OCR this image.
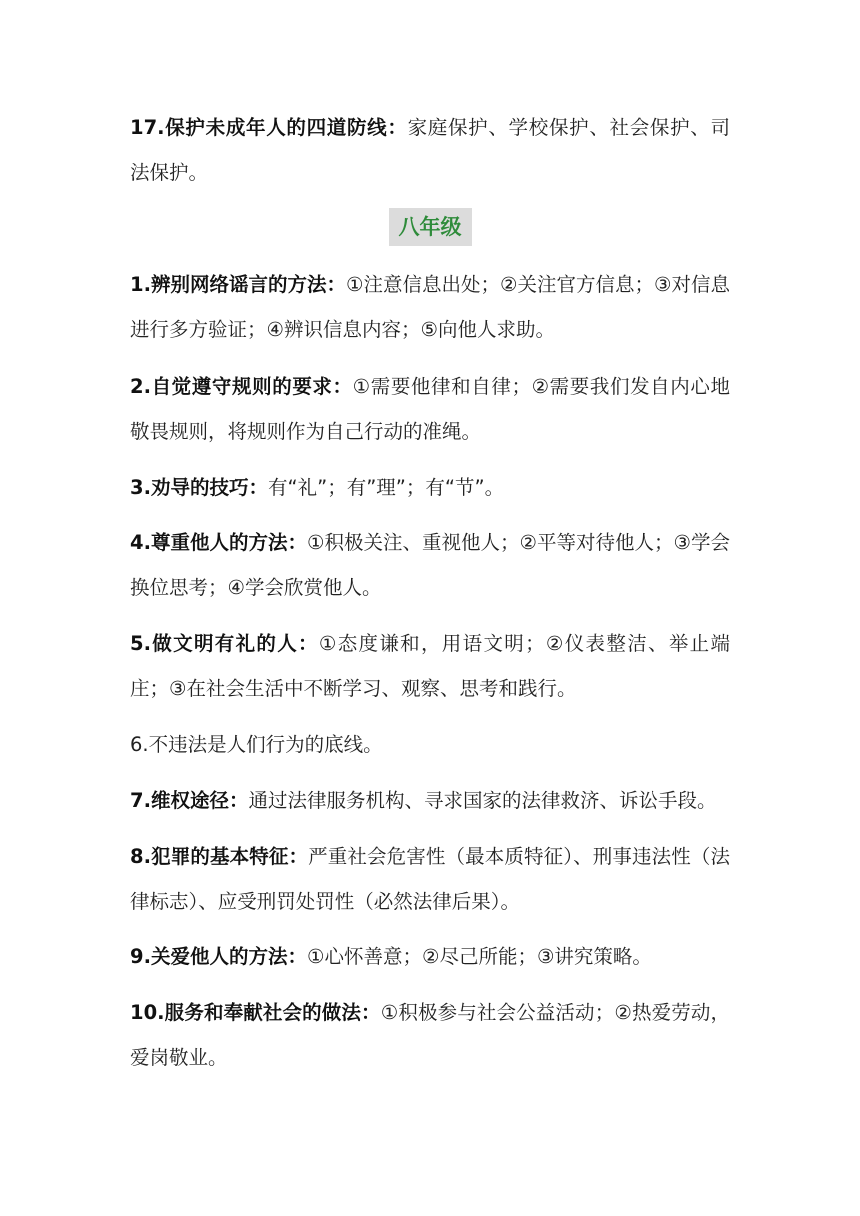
17.保护未成年人的四道防线：家庭保护、学校保护、社会保护、司法保护。

八年级

1.辨别网络谣言的方法：①注意信息出处；②关注官方信息；③对信息进行多方验证；④辨识信息内容；⑤向他人求助。

2.自觉遵守规则的要求：①需要他律和自律；②需要我们发自内心地敬畏规则，将规则作为自己行动的准绳。

3.劝导的技巧：有“礼”；有”理”；有“节”。

4.尊重他人的方法：①积极关注、重视他人；②平等对待他人；③学会换位思考；④学会欣赏他人。

5.做文明有礼的人：①态度谦和，用语文明；②仪表整洁、举止端庄；③在社会生活中不断学习、观察、思考和践行。

6.不违法是人们行为的底线。

7.维权途径：通过法律服务机构、寻求国家的法律救济、诉讼手段。

8.犯罪的基本特征：严重社会危害性（最本质特征）、刑事违法性（法律标志）、应受刑罚处罚性（必然法律后果）。

9.关爱他人的方法：①心怀善意；②尽己所能；③讲究策略。

10.服务和奉献社会的做法：①积极参与社会公益活动；②热爱劳动，爱岗敬业。
